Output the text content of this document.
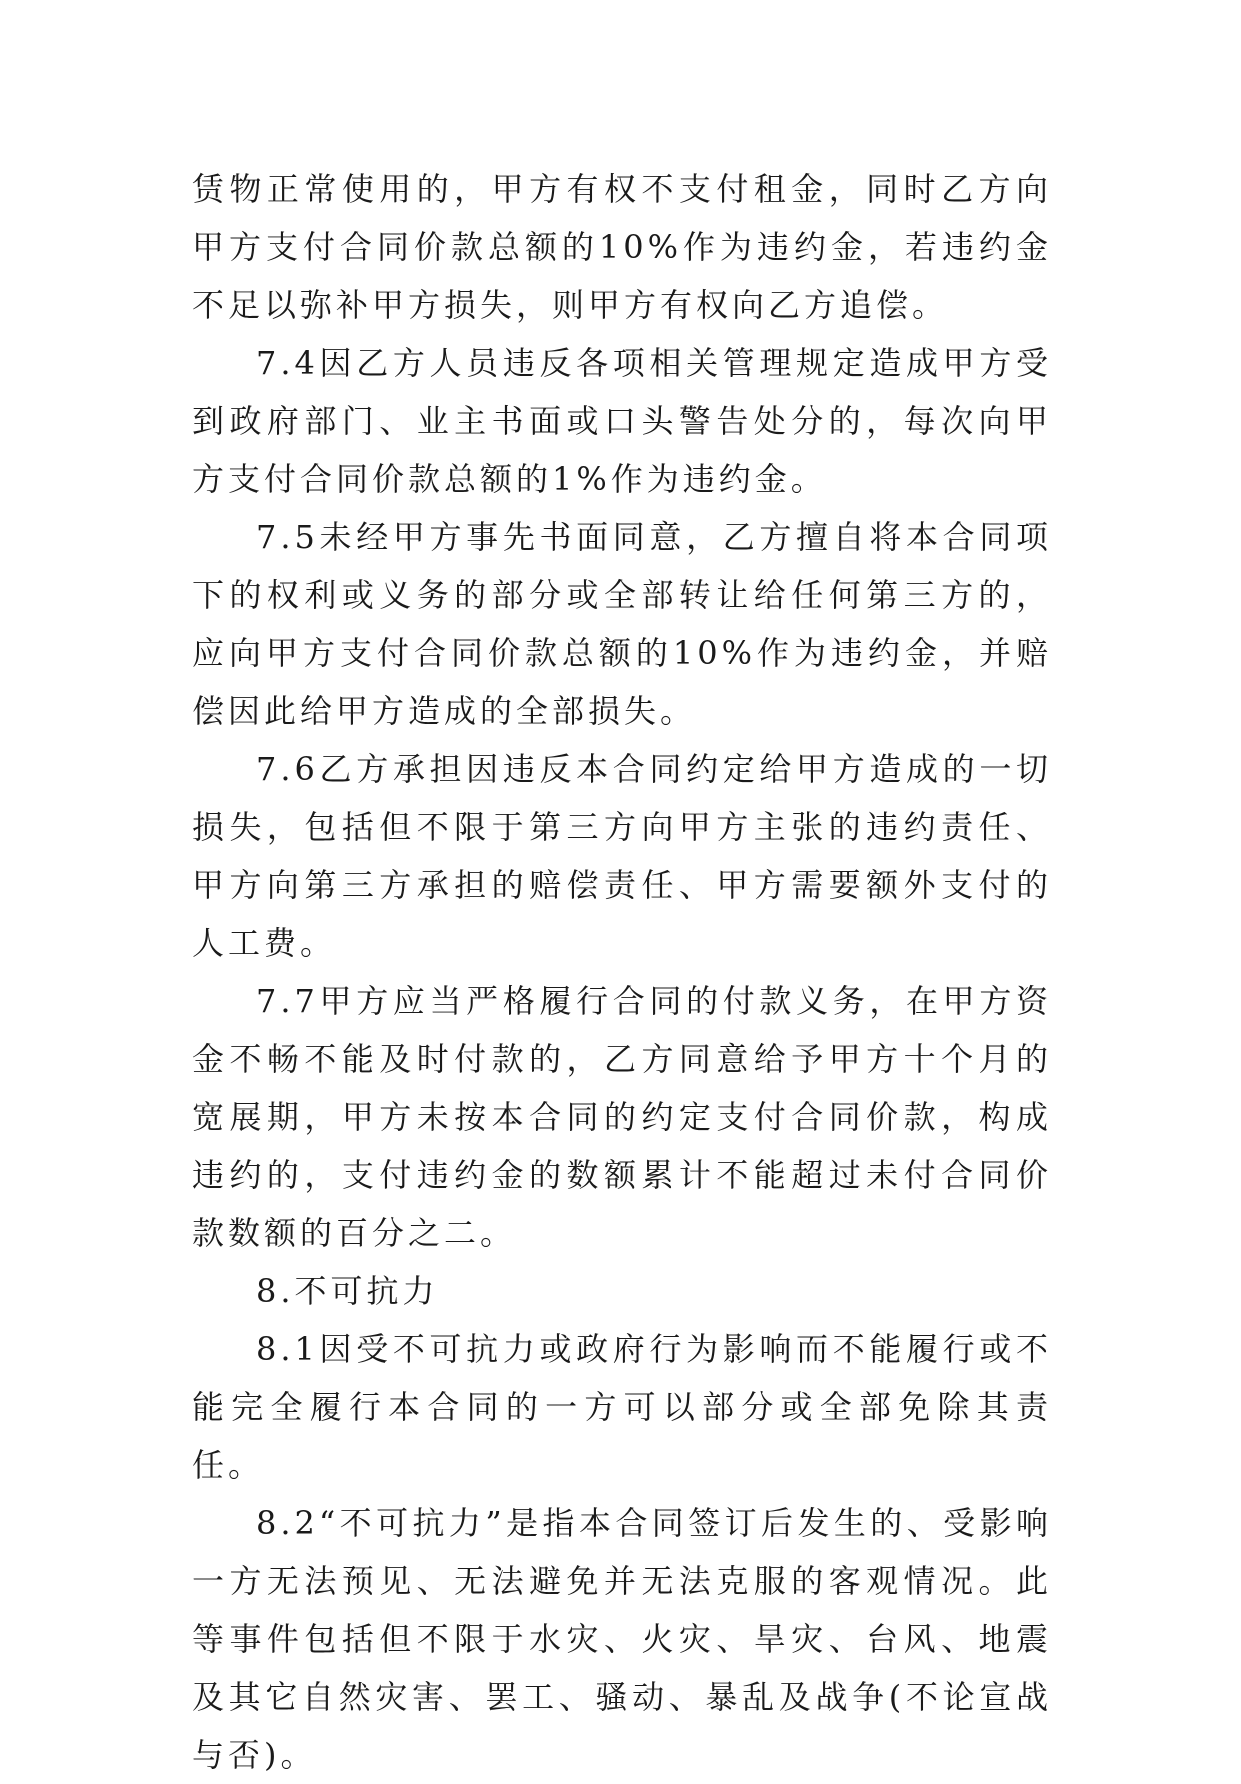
赁物正常使用的，甲方有权不支付租金，同时乙方向甲方支付合同价款总额的10%作为违约金，若违约金不足以弥补甲方损失，则甲方有权向乙方追偿。

7.4因乙方人员违反各项相关管理规定造成甲方受到政府部门、业主书面或口头警告处分的，每次向甲方支付合同价款总额的1%作为违约金。

7.5未经甲方事先书面同意，乙方擅自将本合同项下的权利或义务的部分或全部转让给任何第三方的，应向甲方支付合同价款总额的10%作为违约金，并赔偿因此给甲方造成的全部损失。

7.6乙方承担因违反本合同约定给甲方造成的一切损失，包括但不限于第三方向甲方主张的违约责任、甲方向第三方承担的赔偿责任、甲方需要额外支付的人工费。

7.7甲方应当严格履行合同的付款义务，在甲方资金不畅不能及时付款的，乙方同意给予甲方十个月的宽展期，甲方未按本合同的约定支付合同价款，构成违约的，支付违约金的数额累计不能超过未付合同价款数额的百分之二。

8.不可抗力

8.1因受不可抗力或政府行为影响而不能履行或不能完全履行本合同的一方可以部分或全部免除其责任。

8.2“不可抗力”是指本合同签订后发生的、受影响一方无法预见、无法避免并无法克服的客观情况。此等事件包括但不限于水灾、火灾、旱灾、台风、地震及其它自然灾害、罢工、骚动、暴乱及战争(不论宣战与否)。
